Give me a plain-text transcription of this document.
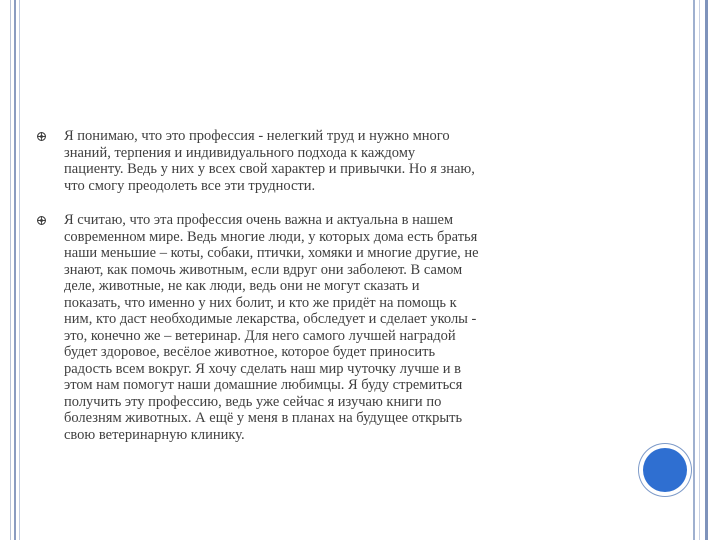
Я понимаю, что это профессия - нелегкий труд и нужно много
знаний, терпения и индивидуального подхода к каждому
пациенту. Ведь у них у всех свой характер и привычки. Но я знаю,
что смогу преодолеть все эти трудности.

Я считаю, что эта профессия очень важна и актуальна в нашем
современном мире. Ведь многие люди, у которых дома есть братья
наши меньшие – коты, собаки, птички, хомяки и многие другие, не
знают, как помочь животным, если вдруг они заболеют. В самом
деле, животные, не как люди, ведь они не могут сказать и
показать, что именно у них болит, и кто же придёт на помощь к
ним, кто даст необходимые лекарства, обследует и сделает уколы -
это, конечно же – ветеринар. Для него самого лучшей наградой
будет здоровое, весёлое животное, которое будет приносить
радость всем вокруг. Я хочу сделать наш мир чуточку лучше и в
этом нам помогут наши домашние любимцы. Я буду стремиться
получить эту профессию, ведь уже сейчас я изучаю книги по
болезням животных. А ещё у меня в планах на будущее открыть
свою ветеринарную клинику.
